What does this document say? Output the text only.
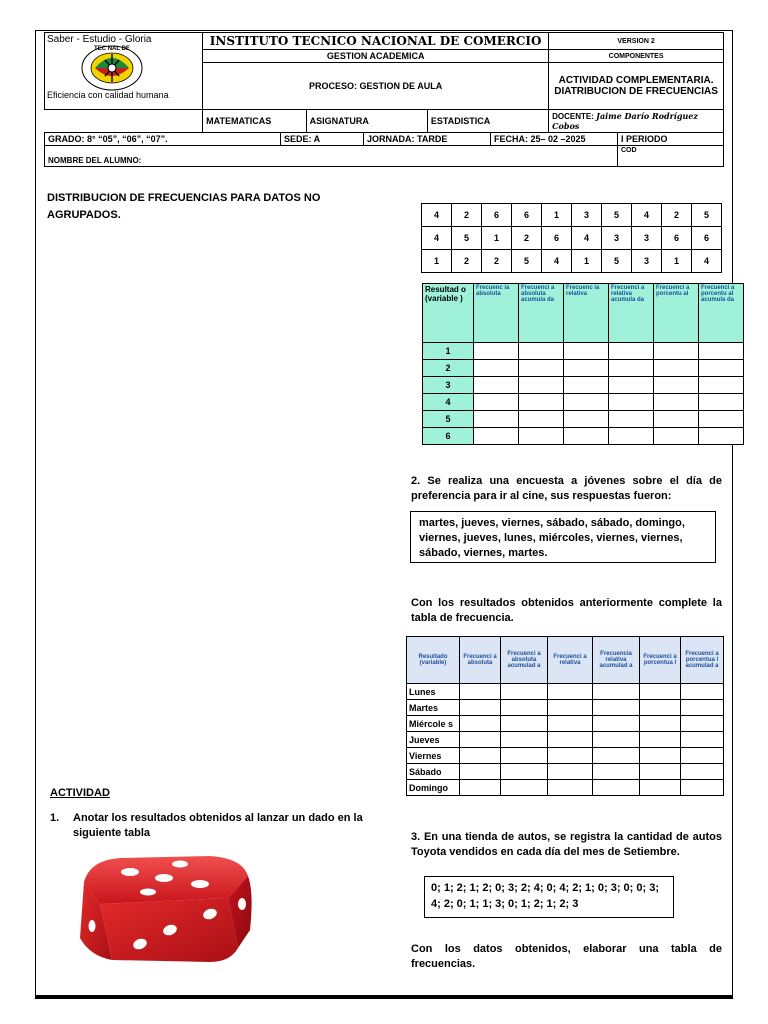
Saber - Estudio - Gloria
TEC NAL DE
Eficiencia con calidad humana	INSTITUTO TECNICO NACIONAL DE COMERCIO			VERSION 2
	GESTION ACADEMICA			COMPONENTES
	PROCESO: GESTION DE AULA			ACTIVIDAD COMPLEMENTARIA. DIATRIBUCION DE FRECUENCIAS
	MATEMATICAS	ASIGNATURA	ESTADISTICA	DOCENTE: Jaime Darío Rodríguez Cobos
GRADO: 8° “05”, “06”, “07”.	SEDE: A	JORNADA: TARDE	FECHA: 25– 02 –2025	I PERIODO
NOMBRE DEL ALUMNO:				COD
DISTRIBUCION DE FRECUENCIAS PARA DATOS NO AGRUPADOS.	4	2	6	6	1	3	5	4	2	5
4	5	1	2	6	4	3	3	6	6
1	2	2	5	4	1	5	3	1	4
Resultad o (variable )	Frecuenc ia absoluta	Frecuenci a absoluta acumula da	Frecuenc ia relativa	Frecuenci a relativa acumula da	Frecuenci a porcentu al	Frecuenci a porcentu al acumula da
1						
2						
3						
4						
5						
6						
2. Se realiza una encuesta a jóvenes sobre el día de preferencia para ir al cine, sus respuestas fueron:
martes, jueves, viernes, sábado, sábado, domingo, viernes, jueves, lunes, miércoles, viernes, viernes, sábado, viernes, martes.
Con los resultados obtenidos anteriormente complete la tabla de frecuencia.
Resultado (variable)	Frecuenci a absoluta	Frecuenci a absoluta acumulad a	Frecuenci a relativa	Frecuencia relativa acumulad a	Frecuenci a porcentua l	Frecuenci a porcentua l acumulad a
Lunes						
Martes						
Miércole s						
Jueves						
Viernes						
Sábado						
Domingo						
ACTIVIDAD
1. Anotar los resultados obtenidos al lanzar un dado en la siguiente tabla	3. En una tienda de autos, se registra la cantidad de autos Toyota vendidos en cada día del mes de Setiembre.
0; 1; 2; 1; 2; 0; 3; 2; 4; 0; 4; 2; 1; 0; 3; 0; 0; 3; 4; 2; 0; 1; 1; 3; 0; 1; 2; 1; 2; 3
Con los datos obtenidos, elaborar una tabla de frecuencias.
